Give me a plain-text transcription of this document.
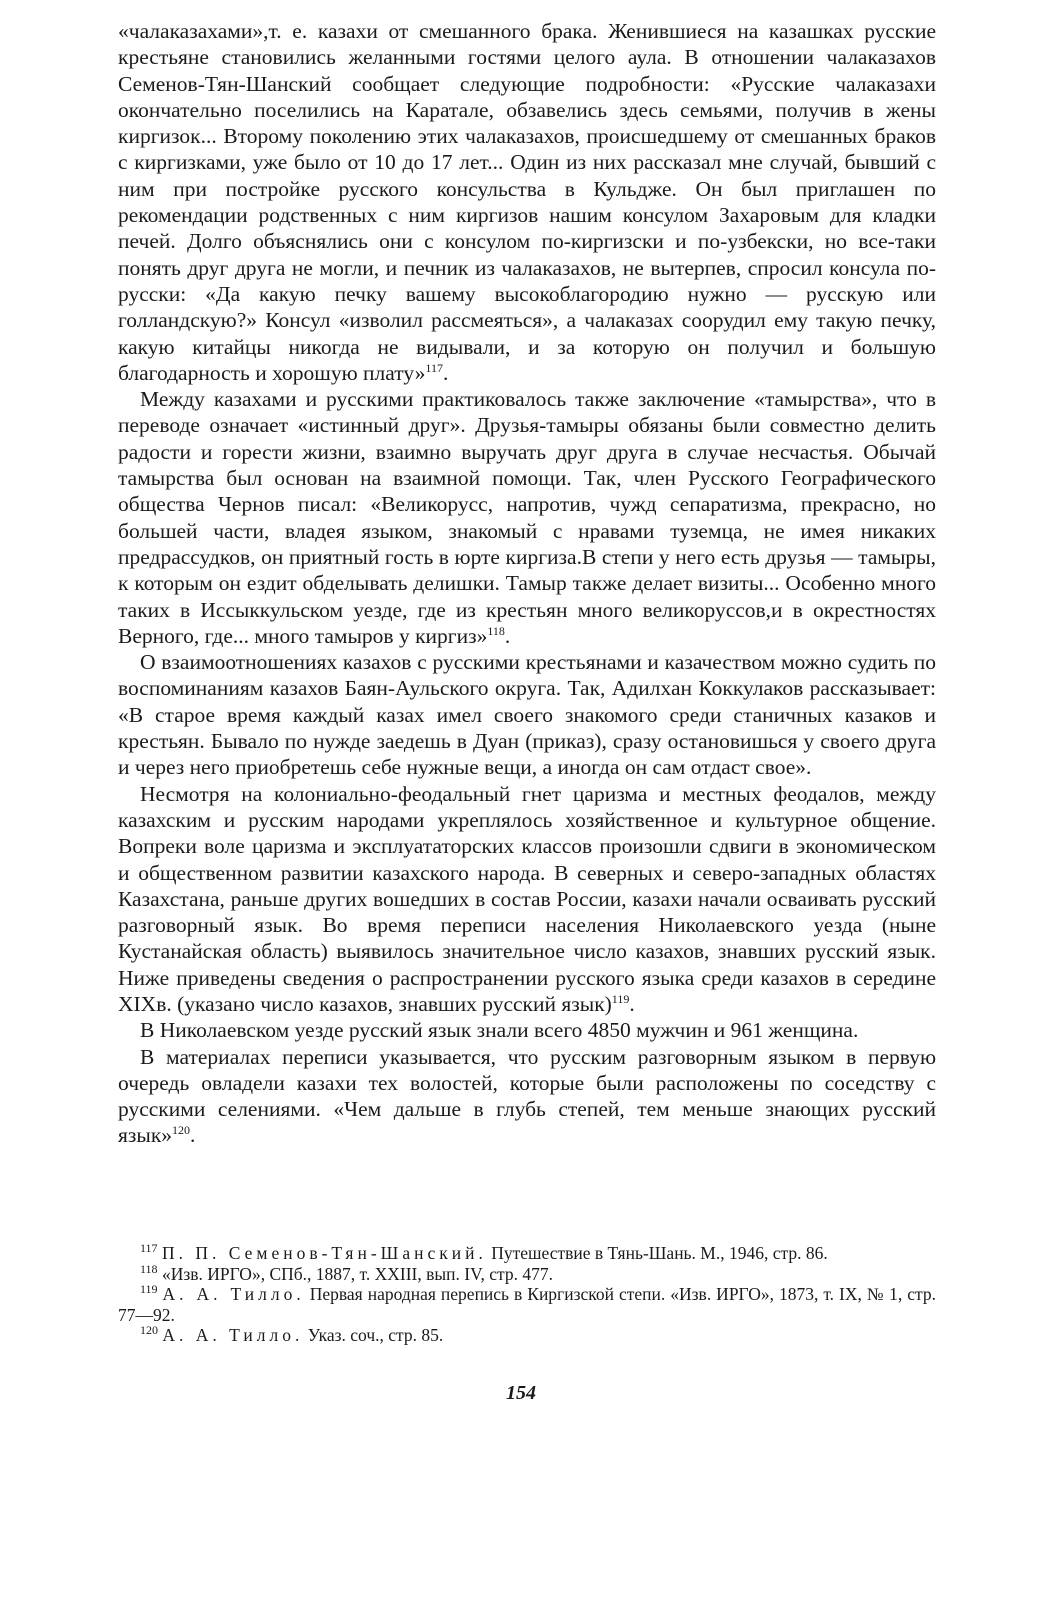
«чалаказахами»,т. е. казахи от смешанного брака. Женившиеся на казашках русские крестьяне становились желанными гостями целого аула. В отношении чалаказахов Семенов-Тян-Шанский сообщает следующие подробности: «Русские чалаказахи окончательно поселились на Каратале, обзавелись здесь семьями, получив в жены киргизок... Второму поколению этих чалаказахов, происшедшему от смешанных браков с киргизками, уже было от 10 до 17 лет... Один из них рассказал мне случай, бывший с ним при постройке русского консульства в Кульдже. Он был приглашен по рекомендации родственных с ним киргизов нашим консулом Захаровым для кладки печей. Долго объяснялись они с консулом по-киргизски и по-узбекски, но все-таки понять друг друга не могли, и печник из чалаказахов, не вытерпев, спросил консула по-русски: «Да какую печку вашему высокоблагородию нужно — русскую или голландскую?» Консул «изволил рассмеяться», а чалаказах соорудил ему такую печку, какую китайцы никогда не видывали, и за которую он получил и большую благодарность и хорошую плату»$^{117}$.

Между казахами и русскими практиковалось также заключение «тамырства», что в переводе означает «истинный друг». Друзья-тамыры обязаны были совместно делить радости и горести жизни, взаимно выручать друг друга в случае несчастья. Обычай тамырства был основан на взаимной помощи. Так, член Русского Географического общества Чернов писал: «Великорусс, напротив, чужд сепаратизма, прекрасно, но большей части, владея языком, знакомый с нравами туземца, не имея никаких предрассудков, он приятный гость в юрте киргиза.В степи у него есть друзья — тамыры, к которым он ездит обделывать делишки. Тамыр также делает визиты... Особенно много таких в Иссыккульском уезде, где из крестьян много великоруссов,и в окрестностях Верного, где... много тамыров у киргиз»$^{118}$.

О взаимоотношениях казахов с русскими крестьянами и казачеством можно судить по воспоминаниям казахов Баян-Аульского округа. Так, Адилхан Коккулаков рассказывает: «В старое время каждый казах имел своего знакомого среди станичных казаков и крестьян. Бывало по нужде заедешь в Дуан (приказ), сразу остановишься у своего друга и через него приобретешь себе нужные вещи, а иногда он сам отдаст свое».

Несмотря на колониально-феодальный гнет царизма и местных феодалов, между казахским и русским народами укреплялось хозяйственное и культурное общение. Вопреки воле царизма и эксплуататорских классов произошли сдвиги в экономическом и общественном развитии казахского народа. В северных и северо-западных областях Казахстана, раньше других вошедших в состав России, казахи начали осваивать русский разговорный язык. Во время переписи населения Николаевского уезда (ныне Кустанайская область) выявилось значительное число казахов, знавших русский язык. Ниже приведены сведения о распространении русского языка среди казахов в середине XIXв. (указано число казахов, знавших русский язык)$^{119}$.

В Николаевском уезде русский язык знали всего 4850 мужчин и 961 женщина.

В материалах переписи указывается, что русским разговорным языком в первую очередь овладели казахи тех волостей, которые были расположены по соседству с русскими селениями. «Чем дальше в глубь степей, тем меньше знающих русский язык»$^{120}$.

$^{117}$ П. П. Семенов-Тян-Шанский. Путешествие в Тянь-Шань. М., 1946, стр. 86.

$^{118}$ «Изв. ИРГО», СПб., 1887, т. XXIII, вып. IV, стр. 477.

$^{119}$ А. А. Тилло. Первая народная перепись в Киргизской степи. «Изв. ИРГО», 1873, т. IX, № 1, стр. 77—92.

$^{120}$ А. А. Тилло. Указ. соч., стр. 85.

154
